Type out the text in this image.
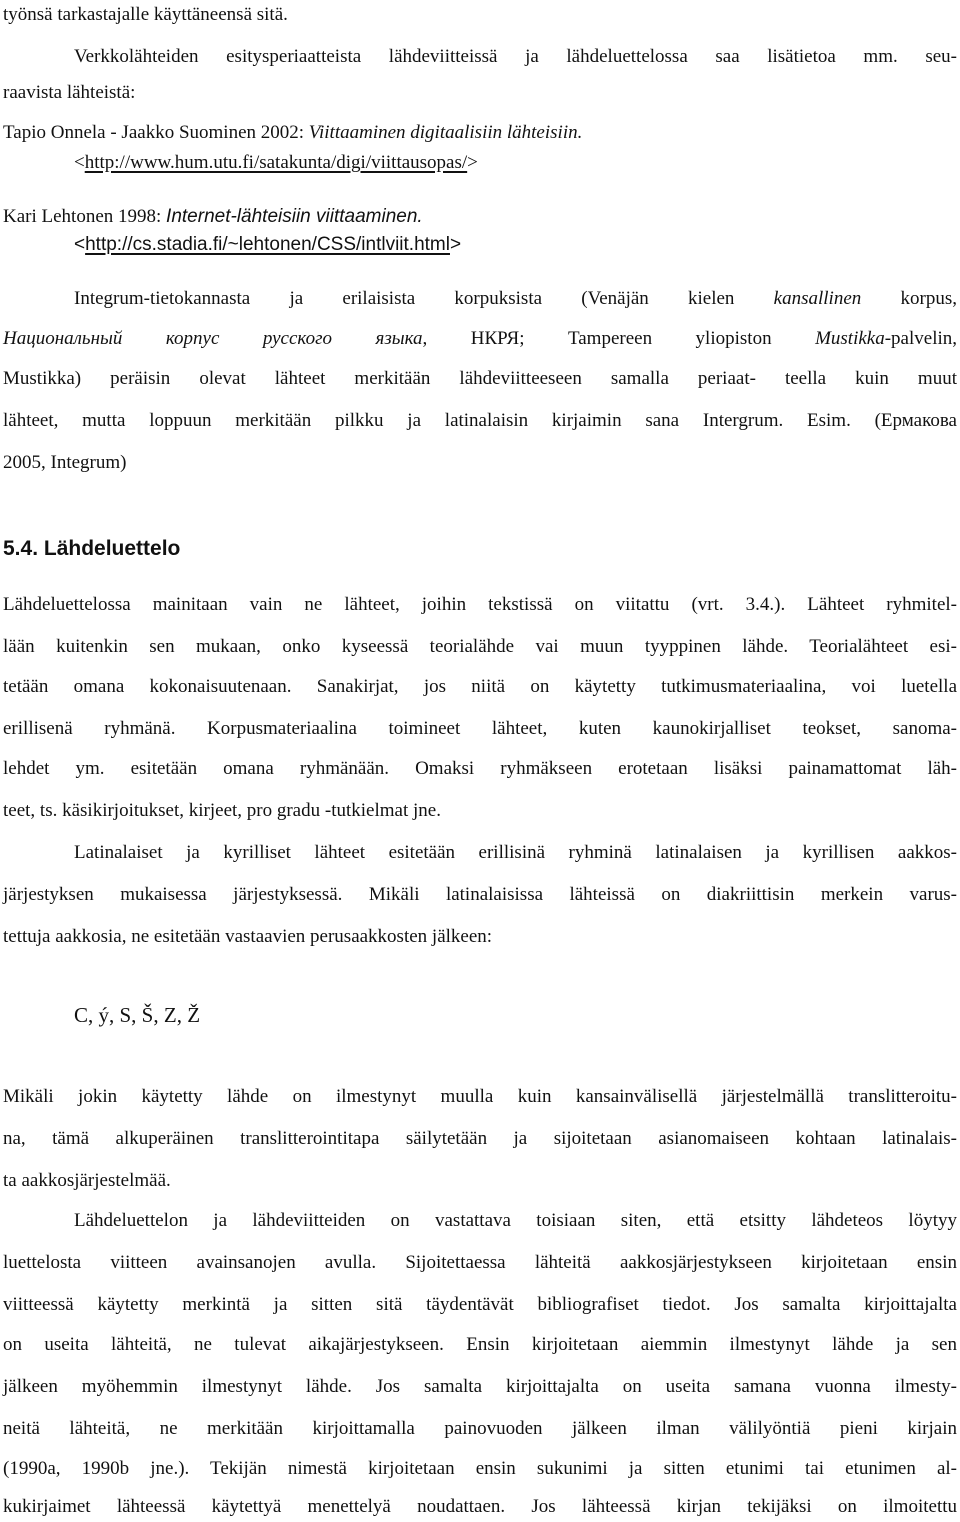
työnsä tarkastajalle käyttäneensä sitä.
Verkkolähteiden esitysperiaatteista lähdeviitteissä ja lähdeluettelossa saa lisätietoa mm. seu-
raavista lähteistä:
Tapio Onnela - Jaakko Suominen 2002: Viittaaminen digitaalisiin lähteisiin.
<http://www.hum.utu.fi/satakunta/digi/viittausopas/>
Kari Lehtonen 1998: Internet-lähteisiin viittaaminen.
<http://cs.stadia.fi/~lehtonen/CSS/intlviit.html>
Integrum-tietokannasta ja erilaisista korpuksista (Venäjän kielen kansallinen korpus,
Национальный корпус русского языка, НКРЯ; Tampereen yliopiston Mustikka-palvelin,
Mustikka) peräisin olevat lähteet merkitään lähdeviitteeseen samalla periaat- teella kuin muut
lähteet, mutta loppuun merkitään pilkku ja latinalaisin kirjaimin sana Intergrum. Esim. (Ермакова
2005, Integrum)
5.4. Lähdeluettelo
Lähdeluettelossa mainitaan vain ne lähteet, joihin tekstissä on viitattu (vrt. 3.4.). Lähteet ryhmitel-
lään kuitenkin sen mukaan, onko kyseessä teorialähde vai muun tyyppinen lähde. Teorialähteet esi-
tetään omana kokonaisuutenaan. Sanakirjat, jos niitä on käytetty tutkimusmateriaalina, voi luetella
erillisenä ryhmänä. Korpusmateriaalina toimineet lähteet, kuten kaunokirjalliset teokset, sanoma-
lehdet ym. esitetään omana ryhmänään. Omaksi ryhmäkseen erotetaan lisäksi painamattomat läh-
teet, ts. käsikirjoitukset, kirjeet, pro gradu -tutkielmat jne.
Latinalaiset ja kyrilliset lähteet esitetään erillisinä ryhminä latinalaisen ja kyrillisen aakkos-
järjestyksen mukaisessa järjestyksessä. Mikäli latinalaisissa lähteissä on diakriittisin merkein varus-
tettuja aakkosia, ne esitetään vastaavien perusaakkosten jälkeen:
C, ý, S, Š, Z, Ž
Mikäli jokin käytetty lähde on ilmestynyt muulla kuin kansainvälisellä järjestelmällä translitteroitu-
na, tämä alkuperäinen translitterointitapa säilytetään ja sijoitetaan asianomaiseen kohtaan latinalais-
ta aakkosjärjestelmää.
Lähdeluettelon ja lähdeviitteiden on vastattava toisiaan siten, että etsitty lähdeteos löytyy
luettelosta viitteen avainsanojen avulla. Sijoitettaessa lähteitä aakkosjärjestykseen kirjoitetaan ensin
viitteessä käytetty merkintä ja sitten sitä täydentävät bibliografiset tiedot. Jos samalta kirjoittajalta
on useita lähteitä, ne tulevat aikajärjestykseen. Ensin kirjoitetaan aiemmin ilmestynyt lähde ja sen
jälkeen myöhemmin ilmestynyt lähde. Jos samalta kirjoittajalta on useita samana vuonna ilmesty-
neitä lähteitä, ne merkitään kirjoittamalla painovuoden jälkeen ilman välilyöntiä pieni kirjain
(1990a, 1990b jne.). Tekijän nimestä kirjoitetaan ensin sukunimi ja sitten etunimi tai etunimen al-
kukirjaimet lähteessä käytettyä menettelyä noudattaen. Jos lähteessä kirjan tekijäksi on ilmoitettu
